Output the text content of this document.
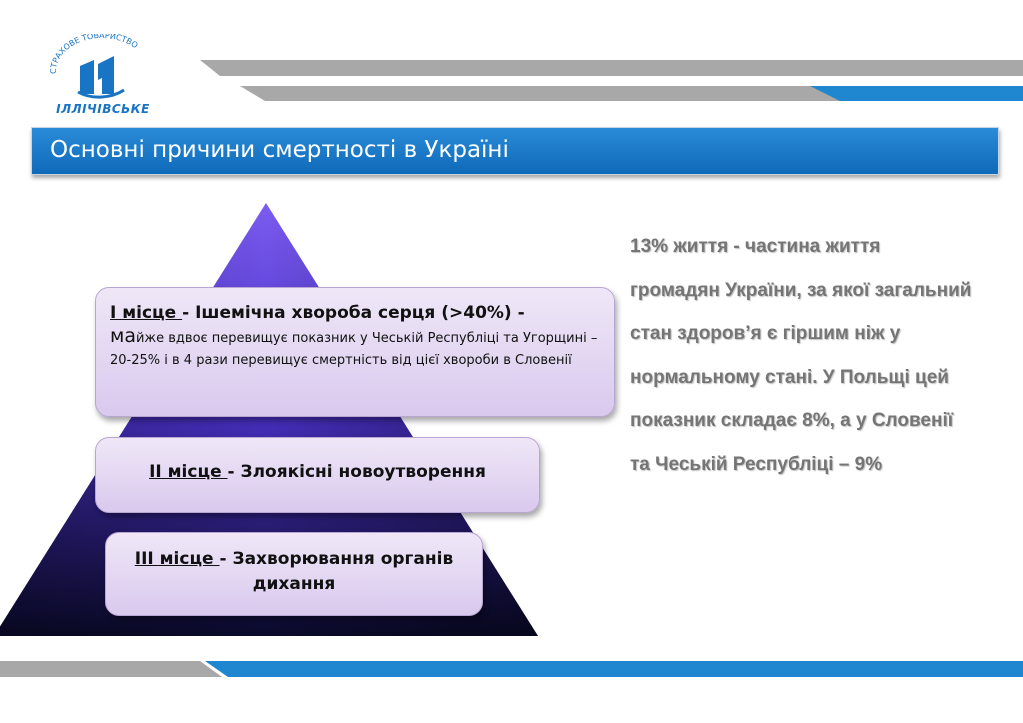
СТРАХОВЕ ТОВАРИСТВО
ІЛЛІЧІВСЬКЕ
Основні причини смертності в Україні
І місце - Ішемічна хвороба серця (>40%) -
майже вдвоє перевищує показник у Чеській Республіці та Угорщині – 20-25% і в 4 рази перевищує смертність від цієї хвороби в Словенії
ІІ місце - Злоякісні новоутворення
ІІІ місце - Захворювання органів дихання
13% життя - частина життя громадян України, за якої загальний стан здоров’я є гіршим ніж у нормальному стані. У Польщі цей показник складає 8%, а у Словенії та Чеській Республіці – 9%
